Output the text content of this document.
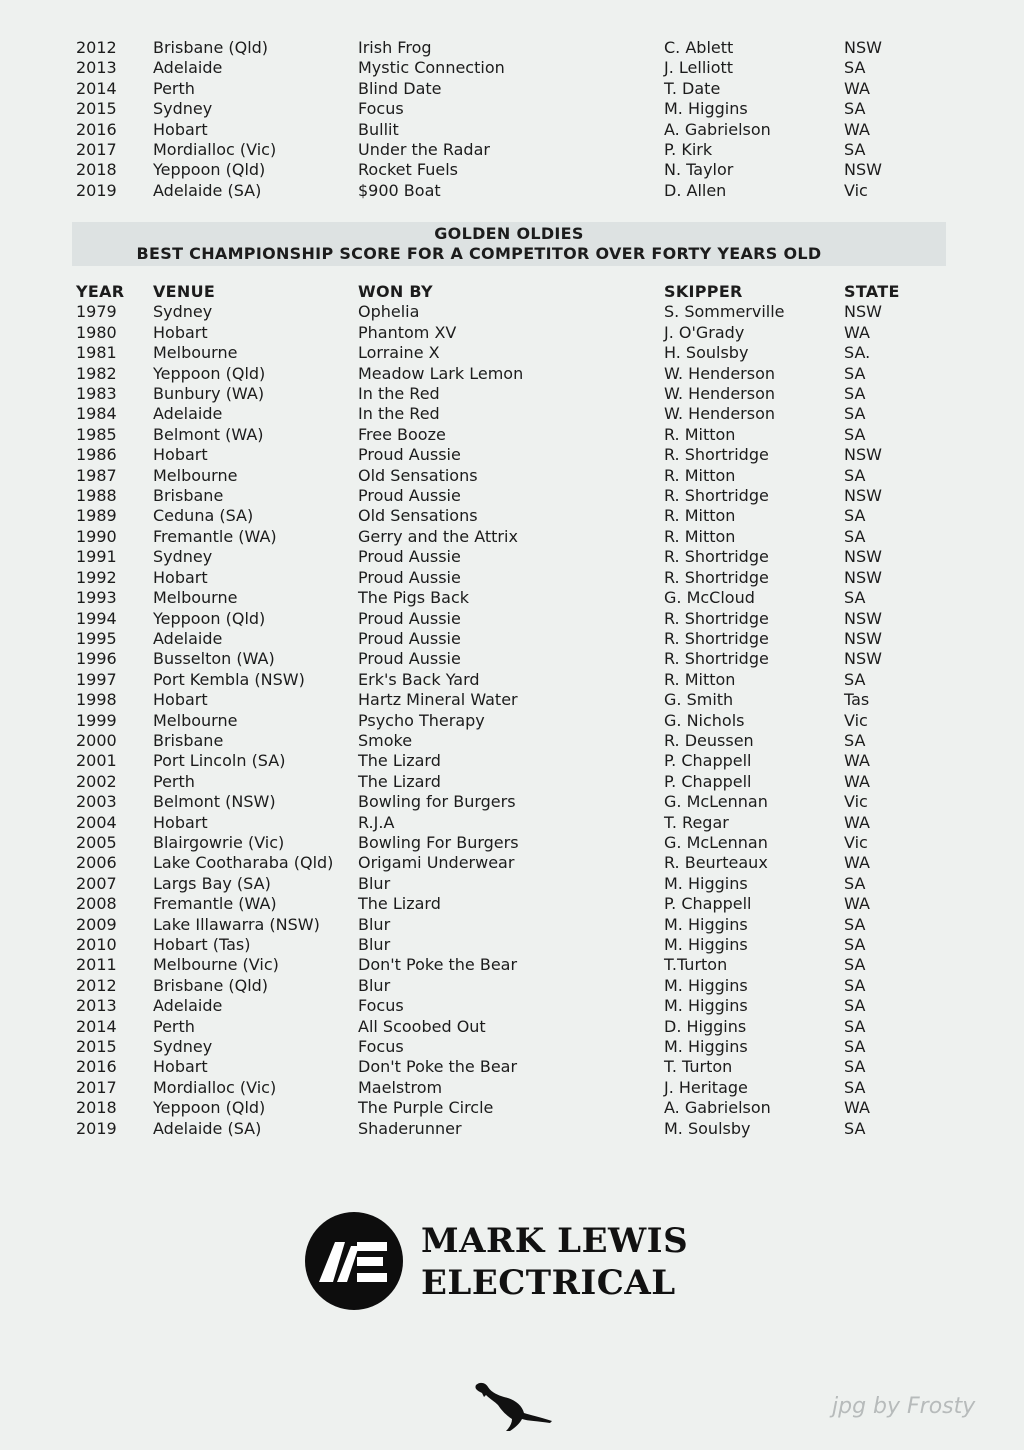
2012	Brisbane (Qld)	Irish Frog	C. Ablett	NSW
2013	Adelaide	Mystic Connection	J. Lelliott	SA
2014	Perth	Blind Date	T. Date	WA
2015	Sydney	Focus	M. Higgins	SA
2016	Hobart	Bullit	A. Gabrielson	WA
2017	Mordialloc (Vic)	Under the Radar	P. Kirk	SA
2018	Yeppoon (Qld)	Rocket Fuels	N. Taylor	NSW
2019	Adelaide (SA)	$900 Boat	D. Allen	Vic
GOLDEN OLDIES
BEST CHAMPIONSHIP SCORE FOR A COMPETITOR OVER FORTY YEARS OLD
YEAR	VENUE	WON BY	SKIPPER	STATE
1979	Sydney	Ophelia	S. Sommerville	NSW
1980	Hobart	Phantom XV	J. O'Grady	WA
1981	Melbourne	Lorraine X	H. Soulsby	SA.
1982	Yeppoon (Qld)	Meadow Lark Lemon	W. Henderson	SA
1983	Bunbury (WA)	In the Red	W. Henderson	SA
1984	Adelaide	In the Red	W. Henderson	SA
1985	Belmont (WA)	Free Booze	R. Mitton	SA
1986	Hobart	Proud Aussie	R. Shortridge	NSW
1987	Melbourne	Old Sensations	R. Mitton	SA
1988	Brisbane	Proud Aussie	R. Shortridge	NSW
1989	Ceduna (SA)	Old Sensations	R. Mitton	SA
1990	Fremantle (WA)	Gerry and the Attrix	R. Mitton	SA
1991	Sydney	Proud Aussie	R. Shortridge	NSW
1992	Hobart	Proud Aussie	R. Shortridge	NSW
1993	Melbourne	The Pigs Back	G. McCloud	SA
1994	Yeppoon (Qld)	Proud Aussie	R. Shortridge	NSW
1995	Adelaide	Proud Aussie	R. Shortridge	NSW
1996	Busselton (WA)	Proud Aussie	R. Shortridge	NSW
1997	Port Kembla (NSW)	Erk's Back Yard	R. Mitton	SA
1998	Hobart	Hartz Mineral Water	G. Smith	Tas
1999	Melbourne	Psycho Therapy	G. Nichols	Vic
2000	Brisbane	Smoke	R. Deussen	SA
2001	Port Lincoln (SA)	The Lizard	P. Chappell	WA
2002	Perth	The Lizard	P. Chappell	WA
2003	Belmont (NSW)	Bowling for Burgers	G. McLennan	Vic
2004	Hobart	R.J.A	T. Regar	WA
2005	Blairgowrie (Vic)	Bowling For Burgers	G. McLennan	Vic
2006	Lake Cootharaba (Qld)	Origami Underwear	R. Beurteaux	WA
2007	Largs Bay (SA)	Blur	M. Higgins	SA
2008	Fremantle (WA)	The Lizard	P. Chappell	WA
2009	Lake Illawarra (NSW)	Blur	M. Higgins	SA
2010	Hobart (Tas)	Blur	M. Higgins	SA
2011	Melbourne (Vic)	Don't Poke the Bear	T.Turton	SA
2012	Brisbane (Qld)	Blur	M. Higgins	SA
2013	Adelaide	Focus	M. Higgins	SA
2014	Perth	All Scoobed Out	D. Higgins	SA
2015	Sydney	Focus	M. Higgins	SA
2016	Hobart	Don't Poke the Bear	T. Turton	SA
2017	Mordialloc (Vic)	Maelstrom	J. Heritage	SA
2018	Yeppoon (Qld)	The Purple Circle	A. Gabrielson	WA
2019	Adelaide (SA)	Shaderunner	M. Soulsby	SA
MARK LEWIS
ELECTRICAL
jpg by Frosty
